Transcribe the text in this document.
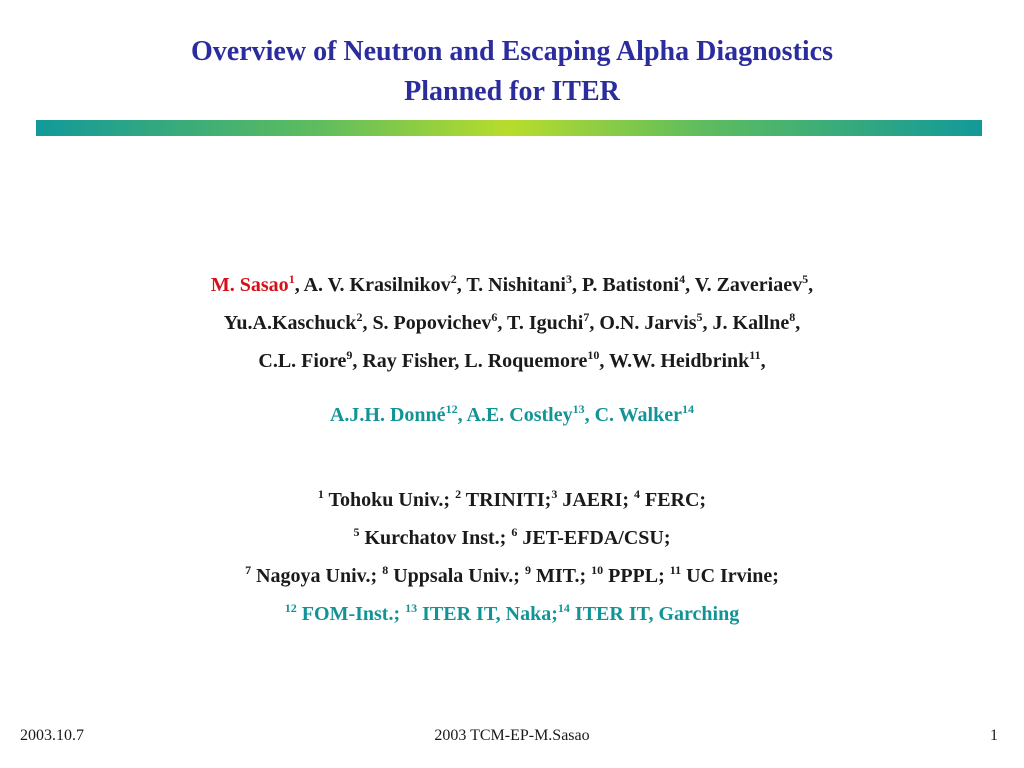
Overview of Neutron and Escaping Alpha Diagnostics
Planned for ITER
M. Sasao$^1$, A. V. Krasilnikov$^2$, T. Nishitani$^3$, P. Batistoni$^4$, V. Zaveriaev$^5$,
Yu.A.Kaschuck$^2$, S. Popovichev$^6$, T. Iguchi$^7$, O.N. Jarvis$^5$, J. Kallne$^8$,
C.L. Fiore$^9$, Ray Fisher, L. Roquemore$^{10}$, W.W. Heidbrink$^{11}$,
A.J.H. Donné$^{12}$, A.E. Costley$^{13}$, C. Walker$^{14}$
$^1$ Tohoku Univ.; $^2$ TRINITI;$^3$ JAERI; $^4$ FERC;
$^5$ Kurchatov Inst.; $^6$ JET-EFDA/CSU;
$^7$ Nagoya Univ.; $^8$ Uppsala Univ.; $^9$ MIT.; $^{10}$ PPPL; $^{11}$ UC Irvine;
$^{12}$ FOM-Inst.; $^{13}$ ITER IT, Naka;$^{14}$ ITER IT, Garching
2003.10.7	2003 TCM-EP-M.Sasao	1
